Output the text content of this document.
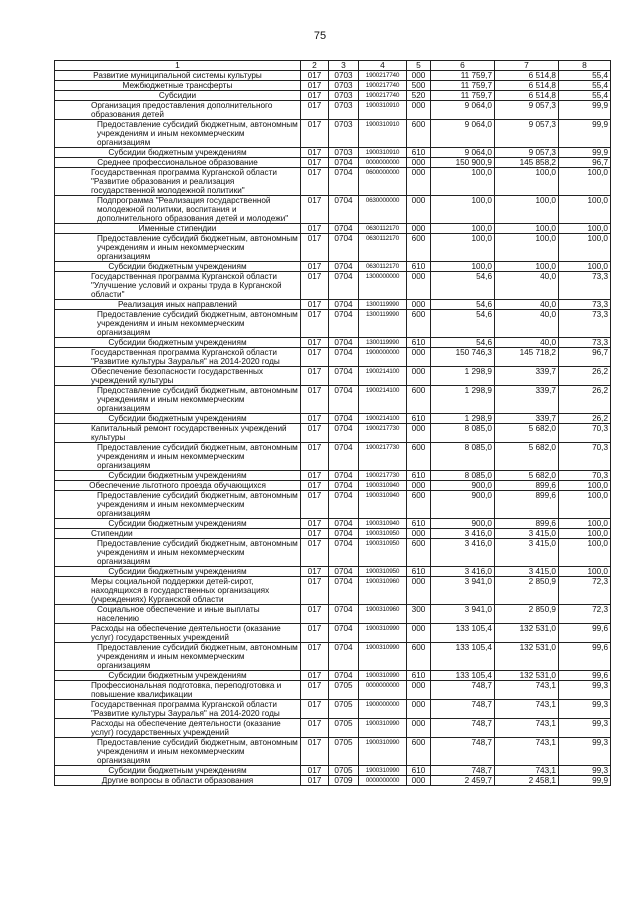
75
1	2	3	4	5	6	7	8

Развитие муниципальной системы культуры	017	0703	1900217740	000	11 759,7	6 514,8	55,4

Межбюджетные трансферты	017	0703	1900217740	500	11 759,7	6 514,8	55,4

Субсидии	017	0703	1900217740	520	11 759,7	6 514,8	55,4

Организация предоставления дополнительного образования детей	017	0703	1900310910	000	9 064,0	9 057,3	99,9

Предоставление субсидий бюджетным, автономным учреждениям и иным некоммерческим организациям	017	0703	1900310910	600	9 064,0	9 057,3	99,9

Субсидии бюджетным учреждениям	017	0703	1900310910	610	9 064,0	9 057,3	99,9

Среднее профессиональное образование	017	0704	0000000000	000	150 900,9	145 858,2	96,7

Государственная программа Курганской области "Развитие образования и реализация государственной молодежной политики"	017	0704	0600000000	000	100,0	100,0	100,0

Подпрограмма "Реализация государственной молодежной политики, воспитания и дополнительного образования детей и молодежи"	017	0704	0630000000	000	100,0	100,0	100,0

Именные стипендии	017	0704	0630112170	000	100,0	100,0	100,0

Предоставление субсидий бюджетным, автономным учреждениям и иным некоммерческим организациям	017	0704	0630112170	600	100,0	100,0	100,0

Субсидии бюджетным учреждениям	017	0704	0630112170	610	100,0	100,0	100,0

Государственная программа Курганской области "Улучшение условий и охраны труда в Курганской области"	017	0704	1300000000	000	54,6	40,0	73,3

Реализация иных направлений	017	0704	1300119990	000	54,6	40,0	73,3

Предоставление субсидий бюджетным, автономным учреждениям и иным некоммерческим организациям	017	0704	1300119990	600	54,6	40,0	73,3

Субсидии бюджетным учреждениям	017	0704	1300119990	610	54,6	40,0	73,3

Государственная программа Курганской области "Развитие культуры Зауралья" на 2014-2020 годы	017	0704	1900000000	000	150 746,3	145 718,2	96,7

Обеспечение безопасности государственных учреждений культуры	017	0704	1900214100	000	1 298,9	339,7	26,2

Предоставление субсидий бюджетным, автономным учреждениям и иным некоммерческим организациям	017	0704	1900214100	600	1 298,9	339,7	26,2

Субсидии бюджетным учреждениям	017	0704	1900214100	610	1 298,9	339,7	26,2

Капитальный ремонт государственных учреждений культуры	017	0704	1900217730	000	8 085,0	5 682,0	70,3

Предоставление субсидий бюджетным, автономным учреждениям и иным некоммерческим организациям	017	0704	1900217730	600	8 085,0	5 682,0	70,3

Субсидии бюджетным учреждениям	017	0704	1900217730	610	8 085,0	5 682,0	70,3

Обеспечение льготного проезда обучающихся	017	0704	1900310940	000	900,0	899,6	100,0

Предоставление субсидий бюджетным, автономным учреждениям и иным некоммерческим организациям	017	0704	1900310940	600	900,0	899,6	100,0

Субсидии бюджетным учреждениям	017	0704	1900310940	610	900,0	899,6	100,0

Стипендии	017	0704	1900310950	000	3 416,0	3 415,0	100,0

Предоставление субсидий бюджетным, автономным учреждениям и иным некоммерческим организациям	017	0704	1900310950	600	3 416,0	3 415,0	100,0

Субсидии бюджетным учреждениям	017	0704	1900310950	610	3 416,0	3 415,0	100,0

Меры социальной поддержки детей-сирот, находящихся в государственных организациях (учреждениях) Курганской области	017	0704	1900310960	000	3 941,0	2 850,9	72,3

Социальное обеспечение и иные выплаты населению	017	0704	1900310960	300	3 941,0	2 850,9	72,3

Расходы на обеспечение деятельности (оказание услуг) государственных учреждений	017	0704	1900310990	000	133 105,4	132 531,0	99,6

Предоставление субсидий бюджетным, автономным учреждениям и иным некоммерческим организациям	017	0704	1900310990	600	133 105,4	132 531,0	99,6

Субсидии бюджетным учреждениям	017	0704	1900310990	610	133 105,4	132 531,0	99,6

Профессиональная подготовка, переподготовка и повышение квалификации	017	0705	0000000000	000	748,7	743,1	99,3

Государственная программа Курганской области "Развитие культуры Зауралья" на 2014-2020 годы	017	0705	1900000000	000	748,7	743,1	99,3

Расходы на обеспечение деятельности (оказание услуг) государственных учреждений	017	0705	1900310990	000	748,7	743,1	99,3

Предоставление субсидий бюджетным, автономным учреждениям и иным некоммерческим организациям	017	0705	1900310990	600	748,7	743,1	99,3

Субсидии бюджетным учреждениям	017	0705	1900310990	610	748,7	743,1	99,3

Другие вопросы в области образования	017	0709	0000000000	000	2 459,7	2 458,1	99,9
